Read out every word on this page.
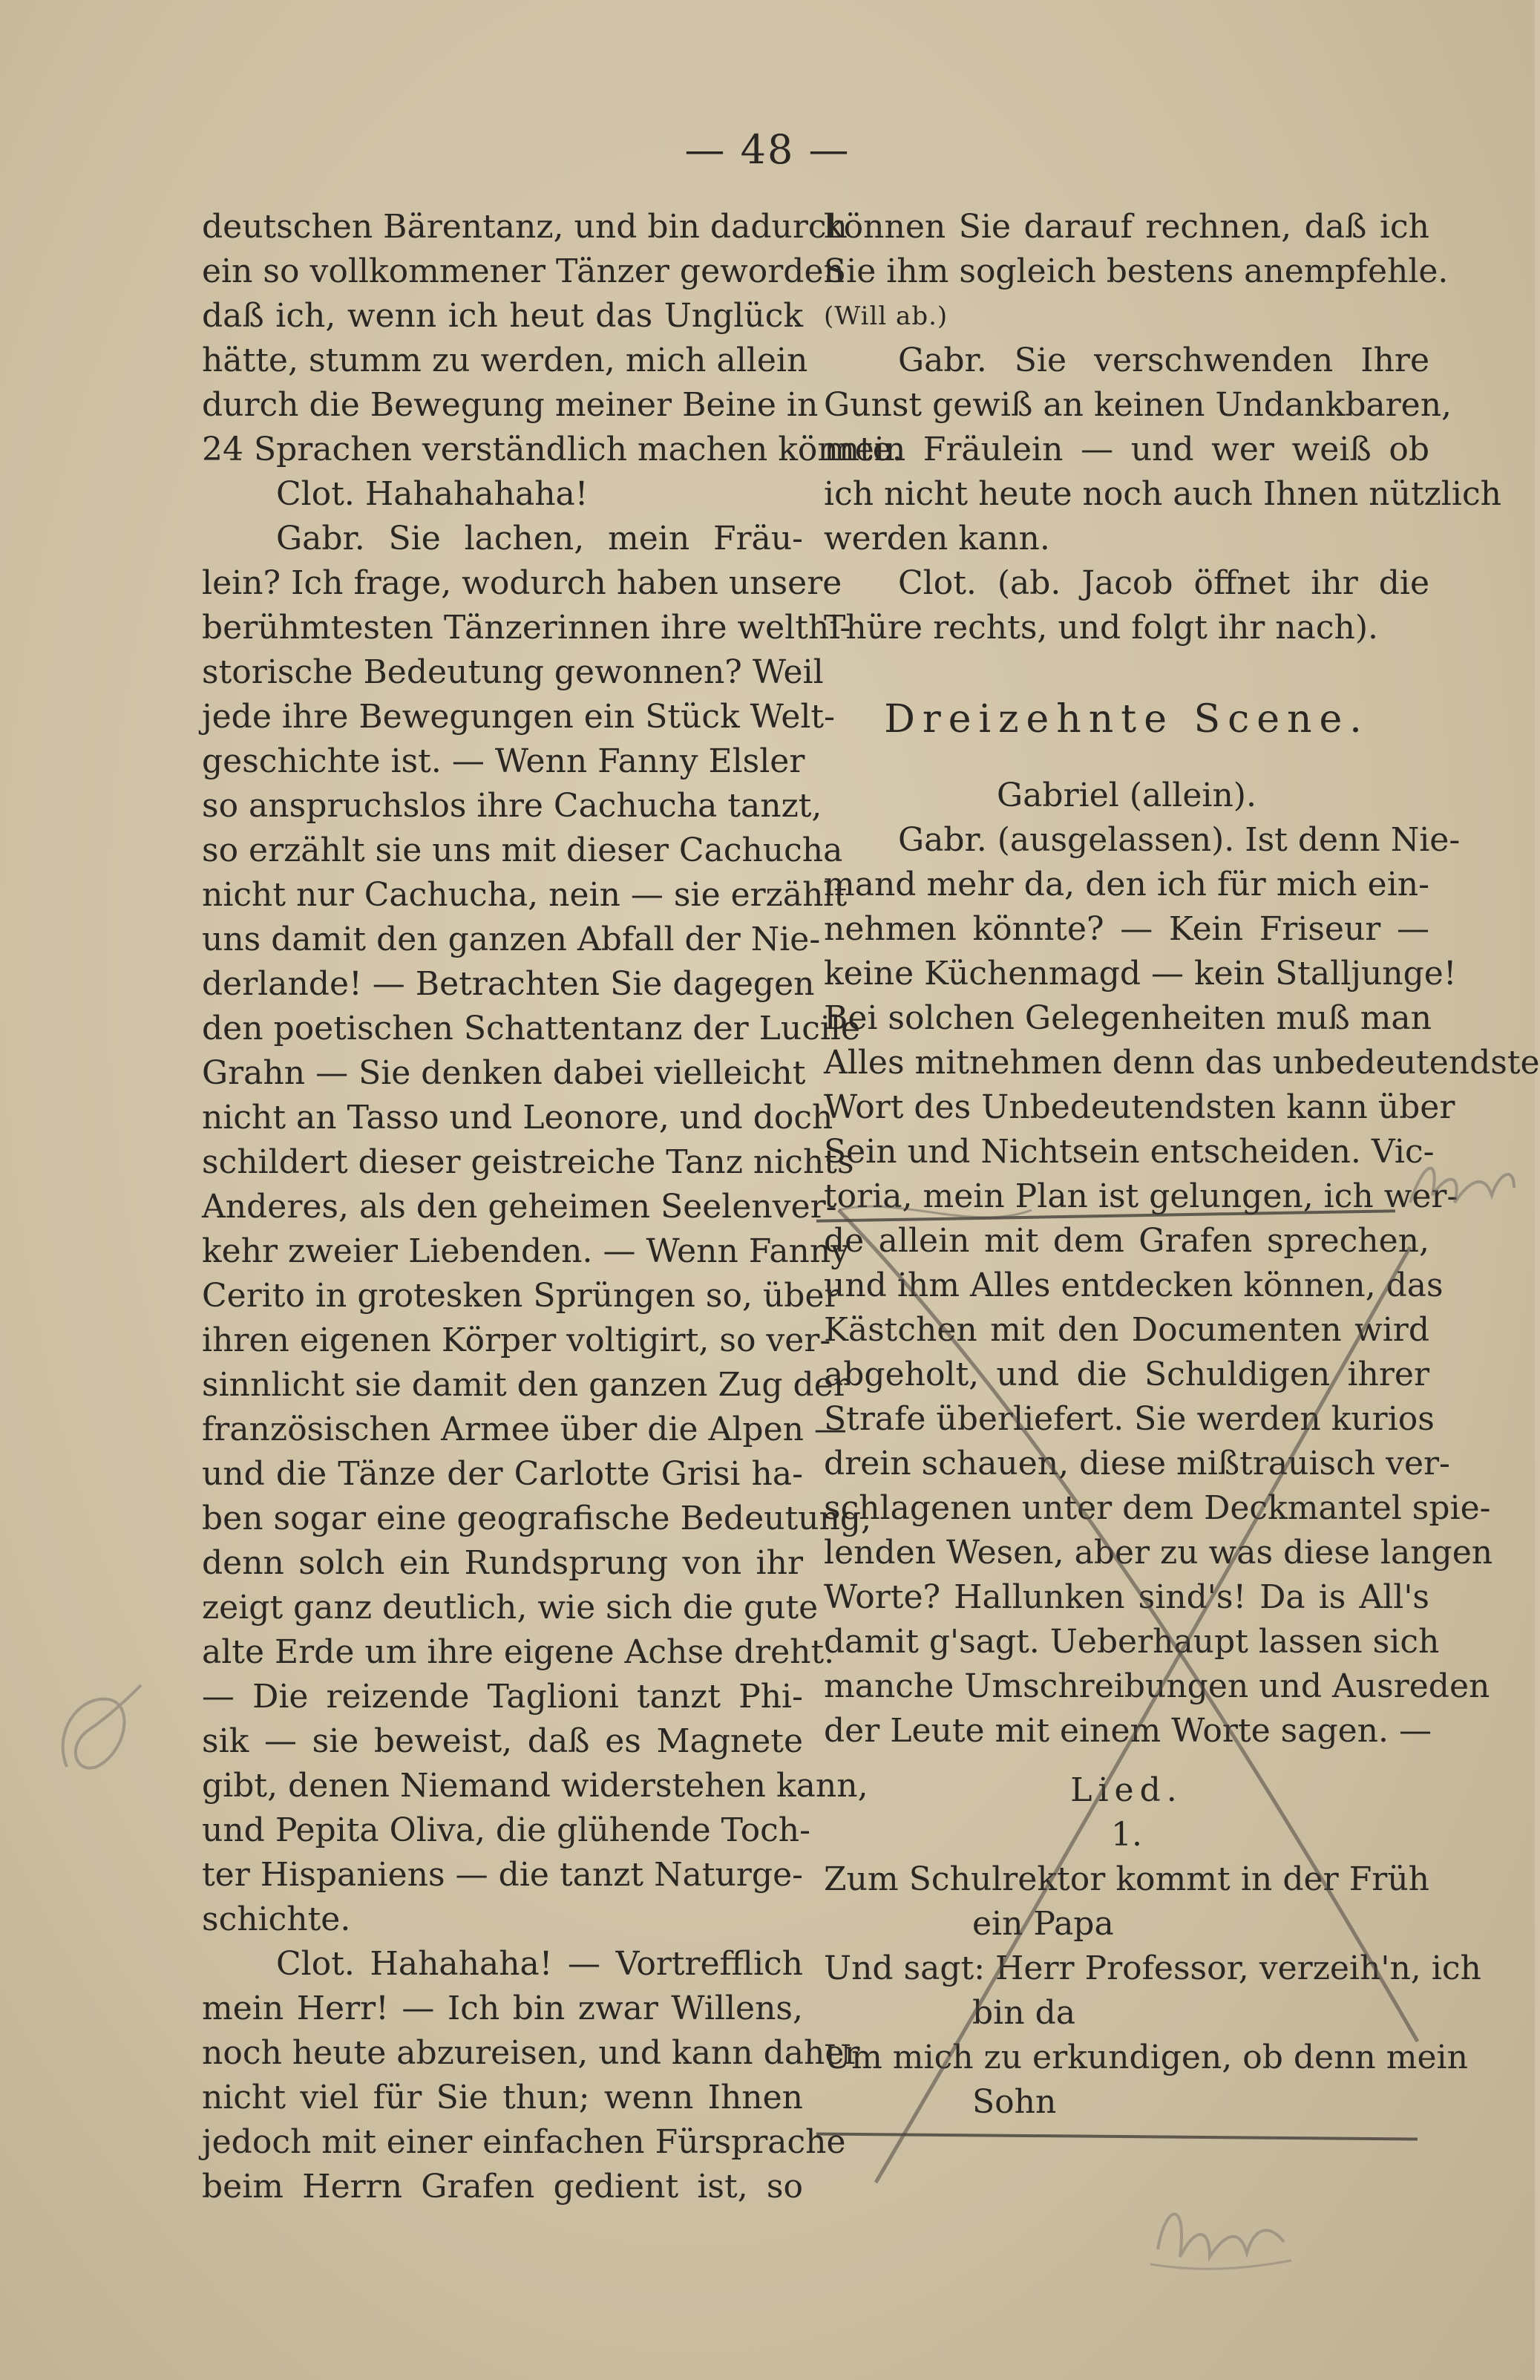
— 48 —
deutschen Bärentanz, und bin dadurch
ein so vollkommener Tänzer geworden
daß ich, wenn ich heut das Unglück
hätte, stumm zu werden, mich allein
durch die Bewegung meiner Beine in
24 Sprachen verständlich machen könnte.
Clot. Hahahahaha!
Gabr. Sie lachen, mein Fräu-
lein? Ich frage, wodurch haben unsere
berühmtesten Tänzerinnen ihre welthi-
storische Bedeutung gewonnen? Weil
jede ihre Bewegungen ein Stück Welt-
geschichte ist. — Wenn Fanny Elsler
so anspruchslos ihre Cachucha tanzt,
so erzählt sie uns mit dieser Cachucha
nicht nur Cachucha, nein — sie erzählt
uns damit den ganzen Abfall der Nie-
derlande! — Betrachten Sie dagegen
den poetischen Schattentanz der Lucile
Grahn — Sie denken dabei vielleicht
nicht an Tasso und Leonore, und doch
schildert dieser geistreiche Tanz nichts
Anderes, als den geheimen Seelenver-
kehr zweier Liebenden. — Wenn Fanny
Cerito in grotesken Sprüngen so, über
ihren eigenen Körper voltigirt, so ver-
sinnlicht sie damit den ganzen Zug der
französischen Armee über die Alpen —
und die Tänze der Carlotte Grisi ha-
ben sogar eine geografische Bedeutung,
denn solch ein Rundsprung von ihr
zeigt ganz deutlich, wie sich die gute
alte Erde um ihre eigene Achse dreht.
— Die reizende Taglioni tanzt Phi-
sik — sie beweist, daß es Magnete
gibt, denen Niemand widerstehen kann,
und Pepita Oliva, die glühende Toch-
ter Hispaniens — die tanzt Naturge-
schichte.
Clot. Hahahaha! — Vortrefflich
mein Herr! — Ich bin zwar Willens,
noch heute abzureisen, und kann daher
nicht viel für Sie thun; wenn Ihnen
jedoch mit einer einfachen Fürsprache
beim Herrn Grafen gedient ist, so
können Sie darauf rechnen, daß ich
Sie ihm sogleich bestens anempfehle.
(Will ab.)
Gabr. Sie verschwenden Ihre
Gunst gewiß an keinen Undankbaren,
mein Fräulein — und wer weiß ob
ich nicht heute noch auch Ihnen nützlich
werden kann.
Clot. (ab. Jacob öffnet ihr die
Thüre rechts, und folgt ihr nach).
Dreizehnte Scene.
Gabriel (allein).
Gabr. (ausgelassen). Ist denn Nie-
mand mehr da, den ich für mich ein-
nehmen könnte? — Kein Friseur —
keine Küchenmagd — kein Stalljunge!
Bei solchen Gelegenheiten muß man
Alles mitnehmen denn das unbedeutendste
Wort des Unbedeutendsten kann über
Sein und Nichtsein entscheiden. Vic-
toria, mein Plan ist gelungen, ich wer-
de allein mit dem Grafen sprechen,
und ihm Alles entdecken können, das
Kästchen mit den Documenten wird
abgeholt, und die Schuldigen ihrer
Strafe überliefert. Sie werden kurios
drein schauen, diese mißtrauisch ver-
schlagenen unter dem Deckmantel spie-
lenden Wesen, aber zu was diese langen
Worte? Hallunken sind's! Da is All's
damit g'sagt. Ueberhaupt lassen sich
manche Umschreibungen und Ausreden
der Leute mit einem Worte sagen. —
Lied.
1.
Zum Schulrektor kommt in der Früh
ein Papa
Und sagt: Herr Professor, verzeih'n, ich
bin da
Um mich zu erkundigen, ob denn mein
Sohn
